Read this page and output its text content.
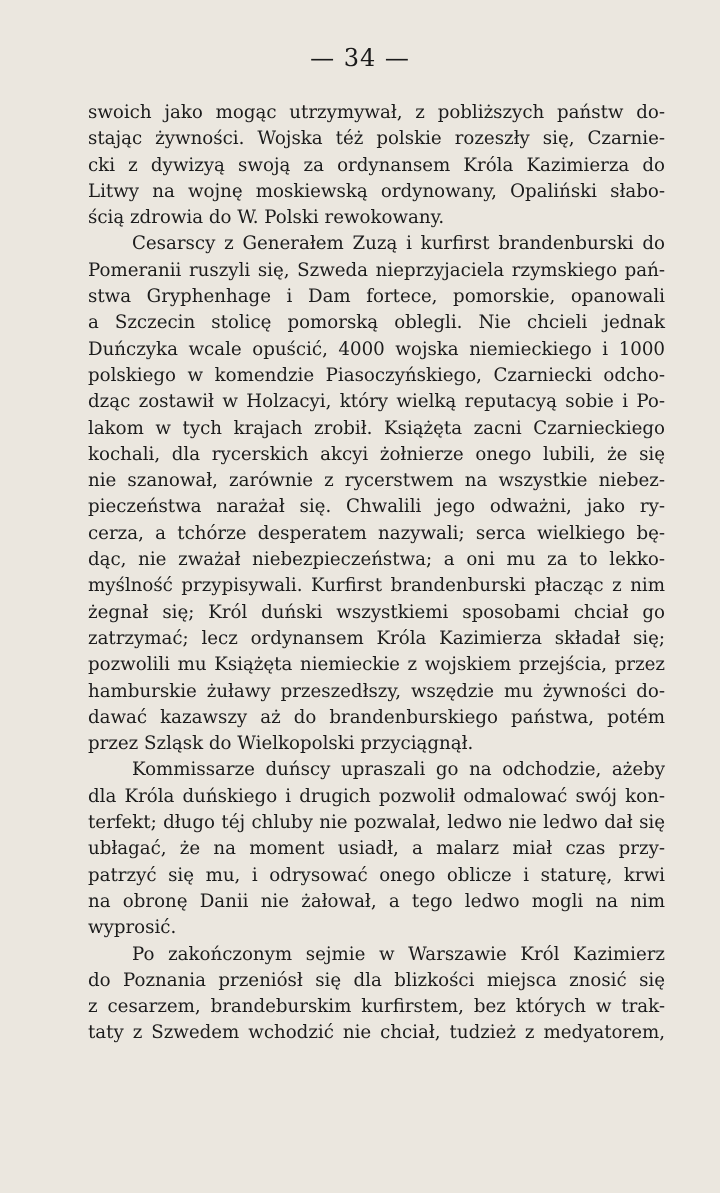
— 34 —
swoich jako mogąc utrzymywał, z pobliższych państw do-
stając żywności. Wojska téż polskie rozeszły się, Czarnie-
cki z dywizyą swoją za ordynansem Króla Kazimierza do
Litwy na wojnę moskiewską ordynowany, Opaliński słabo-
ścią zdrowia do W. Polski rewokowany.
Cesarscy z Generałem Zuzą i kurfirst brandenburski do
Pomeranii ruszyli się, Szweda nieprzyjaciela rzymskiego pań-
stwa Gryphenhage i Dam fortece, pomorskie, opanowali
a Szczecin stolicę pomorską oblegli. Nie chcieli jednak
Duńczyka wcale opuścić, 4000 wojska niemieckiego i 1000
polskiego w komendzie Piasoczyńskiego, Czarniecki odcho-
dząc zostawił w Holzacyi, który wielką reputacyą sobie i Po-
lakom w tych krajach zrobił. Książęta zacni Czarnieckiego
kochali, dla rycerskich akcyi żołnierze onego lubili, że się
nie szanował, zarównie z rycerstwem na wszystkie niebez-
pieczeństwa narażał się. Chwalili jego odważni, jako ry-
cerza, a tchórze desperatem nazywali; serca wielkiego bę-
dąc, nie zważał niebezpieczeństwa; a oni mu za to lekko-
myślność przypisywali. Kurfirst brandenburski płacząc z nim
żegnał się; Król duński wszystkiemi sposobami chciał go
zatrzymać; lecz ordynansem Króla Kazimierza składał się;
pozwolili mu Książęta niemieckie z wojskiem przejścia, przez
hamburskie żuławy przeszedłszy, wszędzie mu żywności do-
dawać kazawszy aż do brandenburskiego państwa, potém
przez Szląsk do Wielkopolski przyciągnął.
Kommissarze duńscy upraszali go na odchodzie, ażeby
dla Króla duńskiego i drugich pozwolił odmalować swój kon-
terfekt; długo téj chluby nie pozwalał, ledwo nie ledwo dał się
ubłagać, że na moment usiadł, a malarz miał czas przy-
patrzyć się mu, i odrysować onego oblicze i staturę, krwi
na obronę Danii nie żałował, a tego ledwo mogli na nim
wyprosić.
Po zakończonym sejmie w Warszawie Król Kazimierz
do Poznania przeniósł się dla blizkości miejsca znosić się
z cesarzem, brandeburskim kurfirstem, bez których w trak-
taty z Szwedem wchodzić nie chciał, tudzież z medyatorem,
